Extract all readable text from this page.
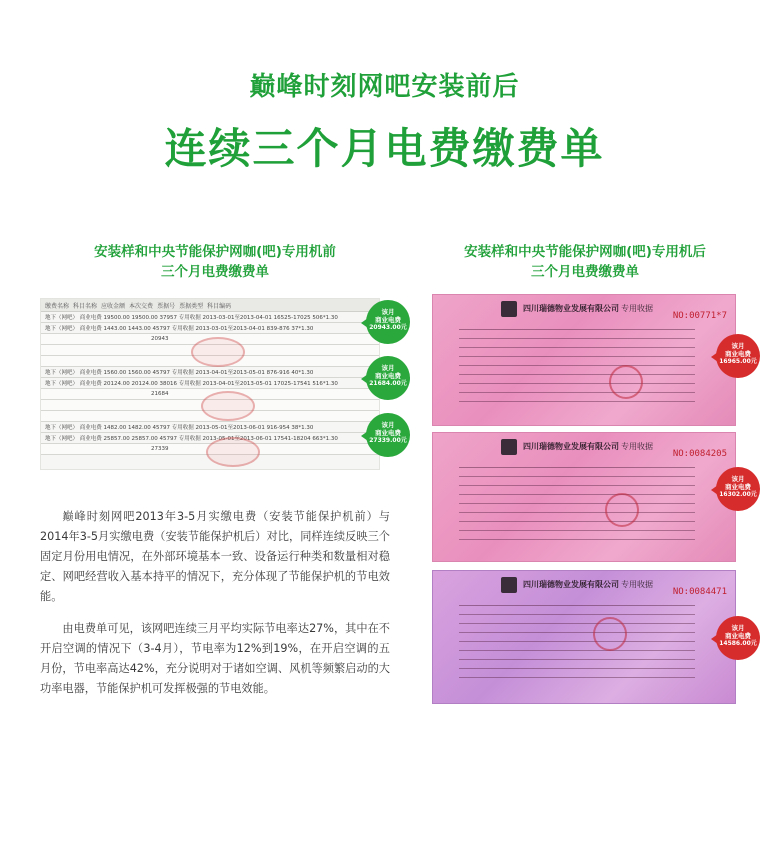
巅峰时刻网吧安装前后
连续三个月电费缴费单
安装样和中央节能保护网咖(吧)专用机前
三个月电费缴费单
缴费名称 科目名称 应收金额 本次交费 票据号 票据类型 科目编码
地下（网吧） 商业电费 19500.00 19500.00 37957 专用收据 2013-03-01至2013-04-01 16525-17025 506*1.30
地下（网吧） 商业电费 1443.00 1443.00 45797 专用收据 2013-03-01至2013-04-01 839-876 37*1.30
20943
地下（网吧） 商业电费 1560.00 1560.00 45797 专用收据 2013-04-01至2013-05-01 876-916 40*1.30
地下（网吧） 商业电费 20124.00 20124.00 38016 专用收据 2013-04-01至2013-05-01 17025-17541 516*1.30
21684
地下（网吧） 商业电费 1482.00 1482.00 45797 专用收据 2013-05-01至2013-06-01 916-954 38*1.30
地下（网吧） 商业电费 25857.00 25857.00 45797 专用收据 2013-05-01至2013-06-01 17541-18204 663*1.30
27339
该月
商业电费
20943.00元
该月
商业电费
21684.00元
该月
商业电费
27339.00元
安装样和中央节能保护网咖(吧)专用机后
三个月电费缴费单
四川瑞德物业发展有限公司 专用收据
NO:00771*7
四川瑞德物业发展有限公司 专用收据
NO:0084205
四川瑞德物业发展有限公司 专用收据
NO:0084471
该月
商业电费
16965.00元
该月
商业电费
16302.00元
该月
商业电费
14586.00元

巅峰时刻网吧2013年3-5月实缴电费（安装节能保护机前）与2014年3-5月实缴电费（安装节能保护机后）对比，同样连续反映三个固定月份用电情况，在外部环境基本一致、设备运行种类和数量相对稳定、网吧经营收入基本持平的情况下，充分体现了节能保护机的节电效能。

由电费单可见，该网吧连续三月平均实际节电率达27%，其中在不开启空调的情况下（3-4月），节电率为12%到19%，在开启空调的五月份，节电率高达42%，充分说明对于诸如空调、风机等频繁启动的大功率电器，节能保护机可发挥极强的节电效能。
